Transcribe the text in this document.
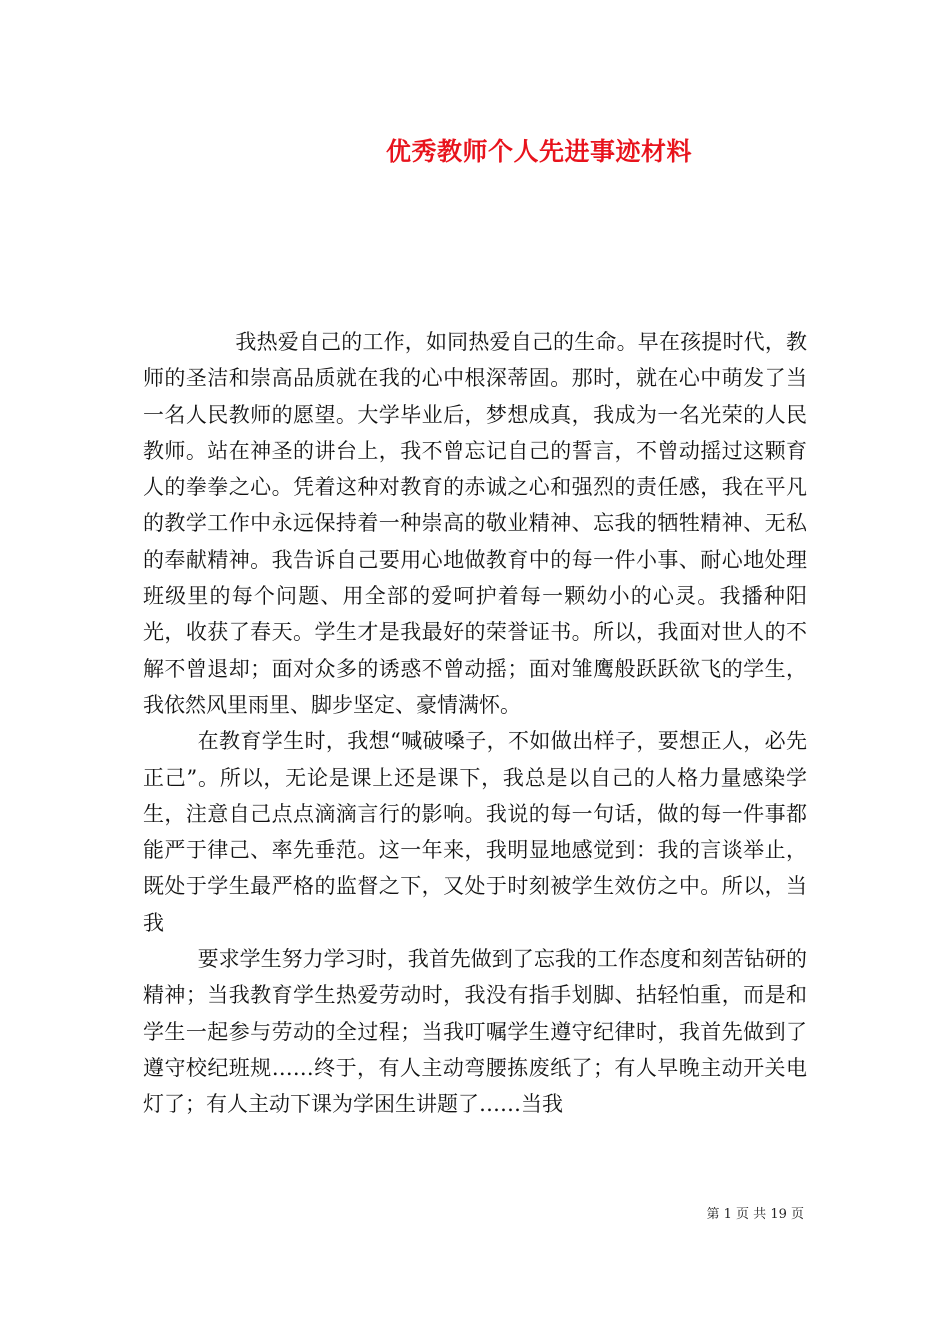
优秀教师个人先进事迹材料

我热爱自己的工作，如同热爱自己的生命。早在孩提时代，教师的圣洁和崇高品质就在我的心中根深蒂固。那时，就在心中萌发了当一名人民教师的愿望。大学毕业后，梦想成真，我成为一名光荣的人民教师。站在神圣的讲台上，我不曾忘记自己的誓言，不曾动摇过这颗育人的拳拳之心。凭着这种对教育的赤诚之心和强烈的责任感，我在平凡的教学工作中永远保持着一种崇高的敬业精神、忘我的牺牲精神、无私的奉献精神。我告诉自己要用心地做教育中的每一件小事、耐心地处理班级里的每个问题、用全部的爱呵护着每一颗幼小的心灵。我播种阳光，收获了春天。学生才是我最好的荣誉证书。所以，我面对世人的不解不曾退却；面对众多的诱惑不曾动摇；面对雏鹰般跃跃欲飞的学生，我依然风里雨里、脚步坚定、豪情满怀。

在教育学生时，我想“喊破嗓子，不如做出样子，要想正人，必先正己”。所以，无论是课上还是课下，我总是以自己的人格力量感染学生，注意自己点点滴滴言行的影响。我说的每一句话，做的每一件事都能严于律己、率先垂范。这一年来，我明显地感觉到：我的言谈举止，既处于学生最严格的监督之下，又处于时刻被学生效仿之中。所以，当我

要求学生努力学习时，我首先做到了忘我的工作态度和刻苦钻研的精神；当我教育学生热爱劳动时，我没有指手划脚、拈轻怕重，而是和学生一起参与劳动的全过程；当我叮嘱学生遵守纪律时，我首先做到了遵守校纪班规……终于，有人主动弯腰拣废纸了；有人早晚主动开关电灯了；有人主动下课为学困生讲题了……当我

第 1 页 共 19 页
